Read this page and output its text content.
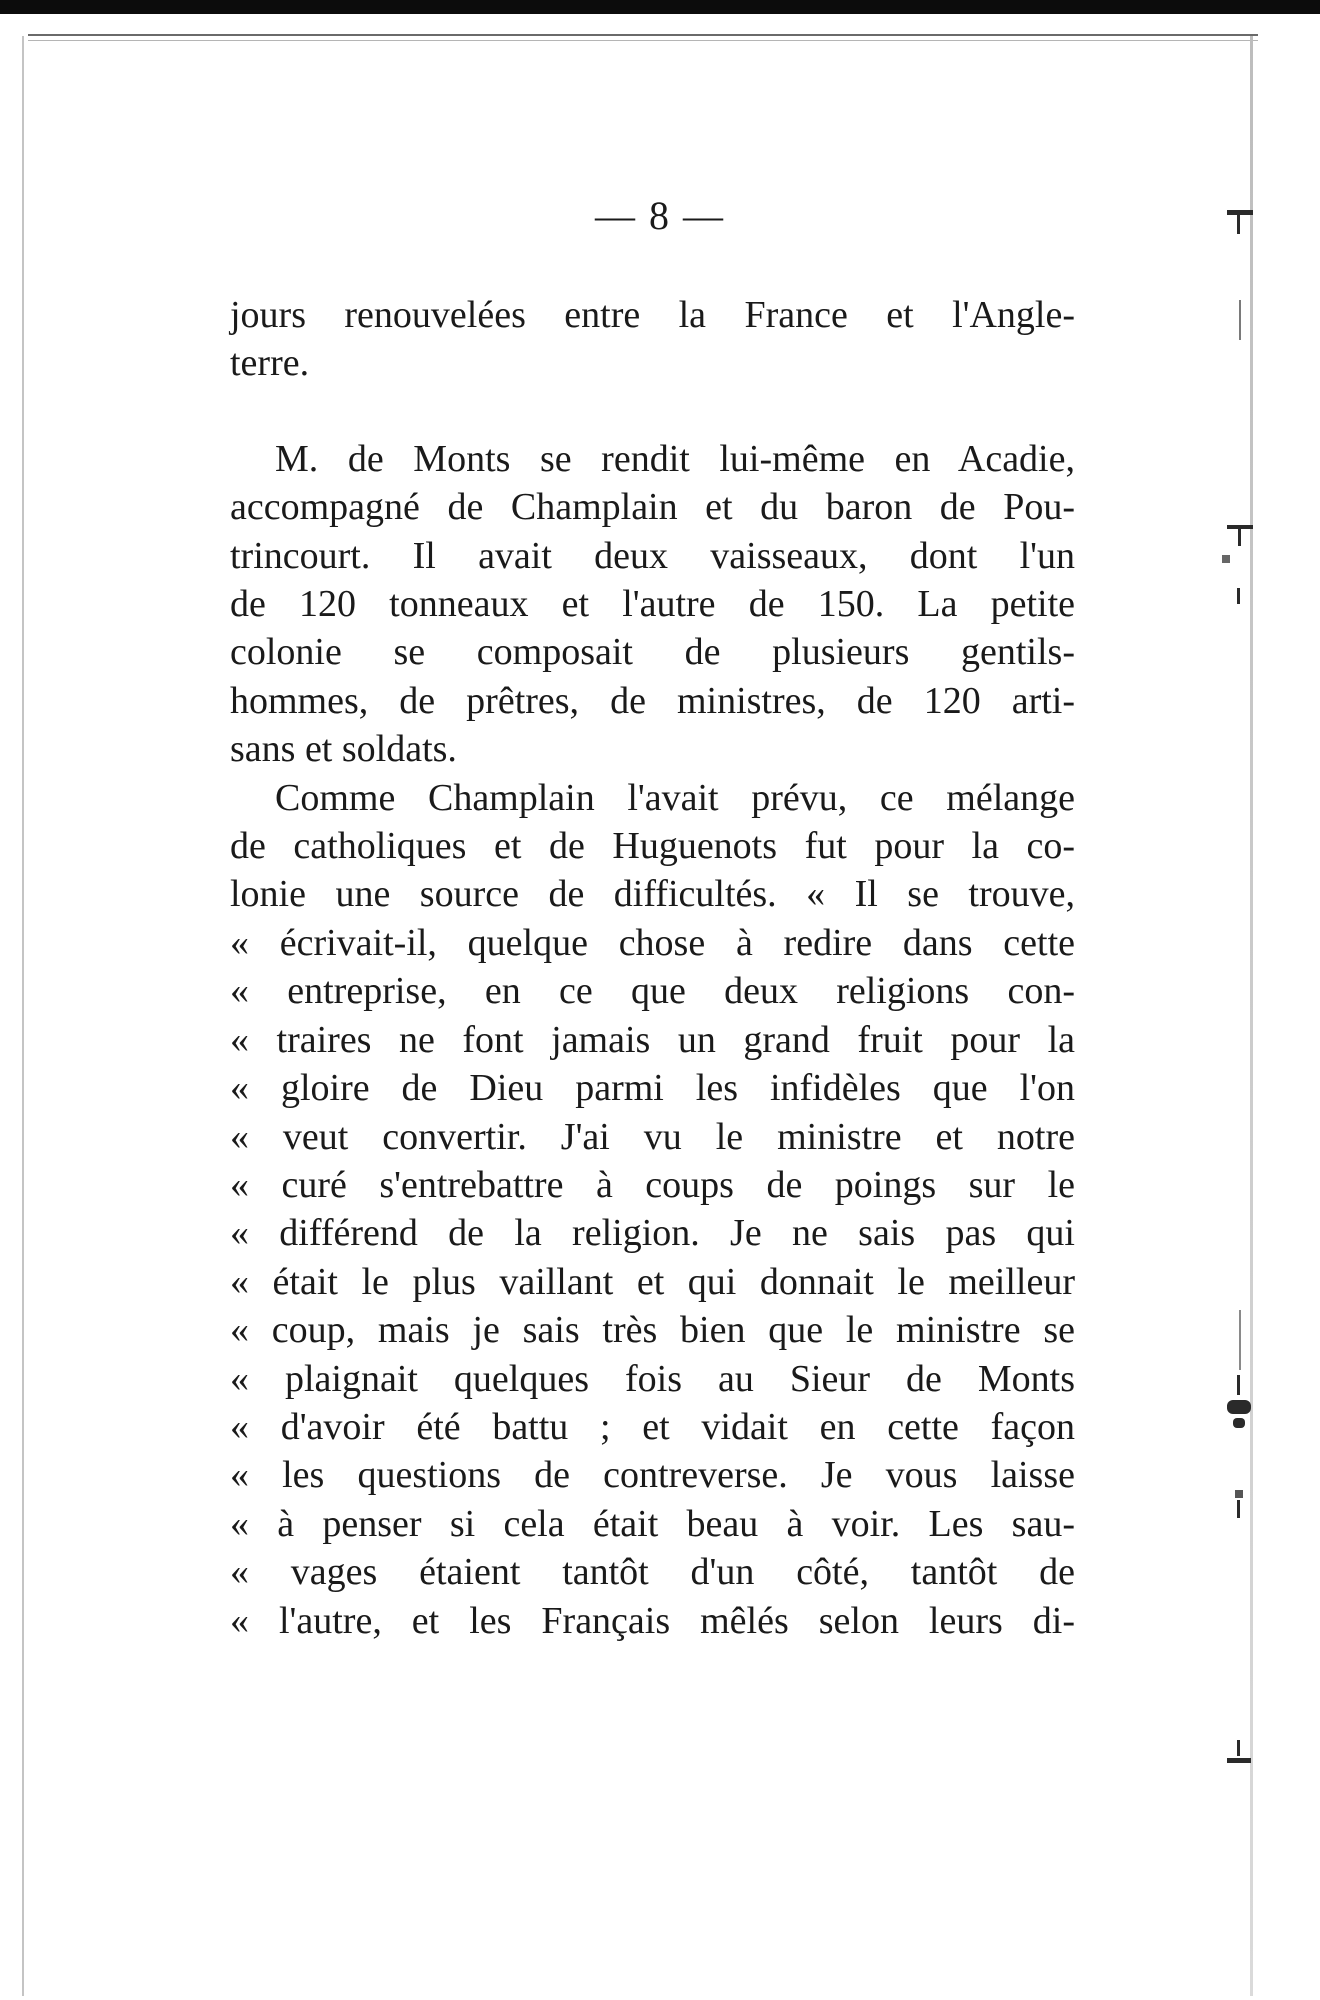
— 8 —
jours renouvelées entre la France et l'Angle-
terre.
M. de Monts se rendit lui-même en Acadie,
accompagné de Champlain et du baron de Pou-
trincourt. Il avait deux vaisseaux, dont l'un
de 120 tonneaux et l'autre de 150. La petite
colonie se composait de plusieurs gentils-
hommes, de prêtres, de ministres, de 120 arti-
sans et soldats.
Comme Champlain l'avait prévu, ce mélange
de catholiques et de Huguenots fut pour la co-
lonie une source de difficultés. « Il se trouve,
« écrivait-il, quelque chose à redire dans cette
« entreprise, en ce que deux religions con-
« traires ne font jamais un grand fruit pour la
« gloire de Dieu parmi les infidèles que l'on
« veut convertir. J'ai vu le ministre et notre
« curé s'entrebattre à coups de poings sur le
« différend de la religion. Je ne sais pas qui
« était le plus vaillant et qui donnait le meilleur
« coup, mais je sais très bien que le ministre se
« plaignait quelques fois au Sieur de Monts
« d'avoir été battu ; et vidait en cette façon
« les questions de contreverse. Je vous laisse
« à penser si cela était beau à voir. Les sau-
« vages étaient tantôt d'un côté, tantôt de
« l'autre, et les Français mêlés selon leurs di-
